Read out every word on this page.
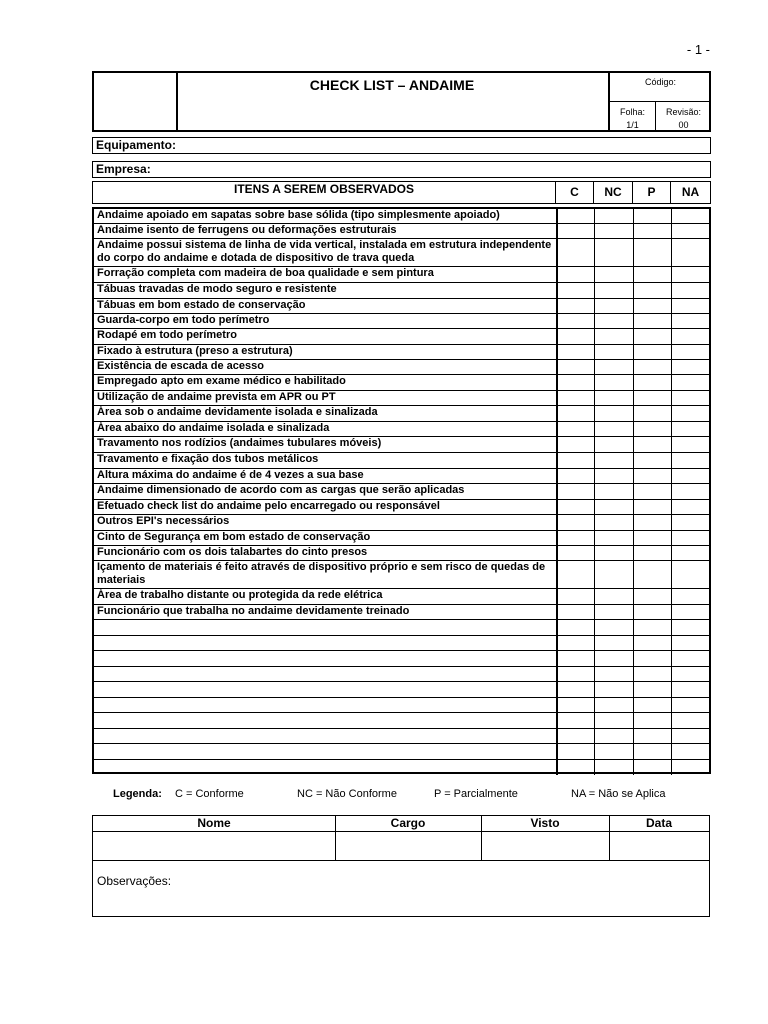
- 1 -
CHECK LIST – ANDAIME	Código:
Folha:
1/1
Revisão:
00
Equipamento:
Empresa:
ITENS A SEREM OBSERVADOS	C	NC	P	NA
Andaime apoiado em sapatas sobre base sólida (tipo simplesmente apoiado)
Andaime isento de ferrugens ou deformações estruturais
Andaime possui sistema de linha de vida vertical, instalada em estrutura independente do corpo do andaime e dotada de dispositivo de trava queda
Forração completa com madeira de boa qualidade e sem pintura
Tábuas travadas de modo seguro e resistente
Tábuas em bom estado de conservação
Guarda-corpo em todo perímetro
Rodapé em todo perímetro
Fixado à estrutura (preso a estrutura)
Existência de escada de acesso
Empregado apto em exame médico e habilitado
Utilização de andaime prevista em APR ou PT
Área sob o andaime devidamente isolada e sinalizada
Área abaixo do andaime isolada e sinalizada
Travamento nos rodízios (andaimes tubulares móveis)
Travamento e fixação dos tubos metálicos
Altura máxima do andaime é de 4 vezes a sua base
Andaime dimensionado de acordo com as cargas que serão aplicadas
Efetuado check list do andaime pelo encarregado ou responsável
Outros EPI's necessários
Cinto de Segurança em bom estado de conservação
Funcionário com os dois talabartes do cinto presos
Içamento de materiais é feito através de dispositivo próprio e sem risco de quedas de materiais
Área de trabalho distante ou protegida da rede elétrica
Funcionário que trabalha no andaime devidamente treinado
Legenda: C = Conforme	NC = Não Conforme	P = Parcialmente	NA = Não se Aplica
Nome	Cargo	Visto	Data
Observações:
